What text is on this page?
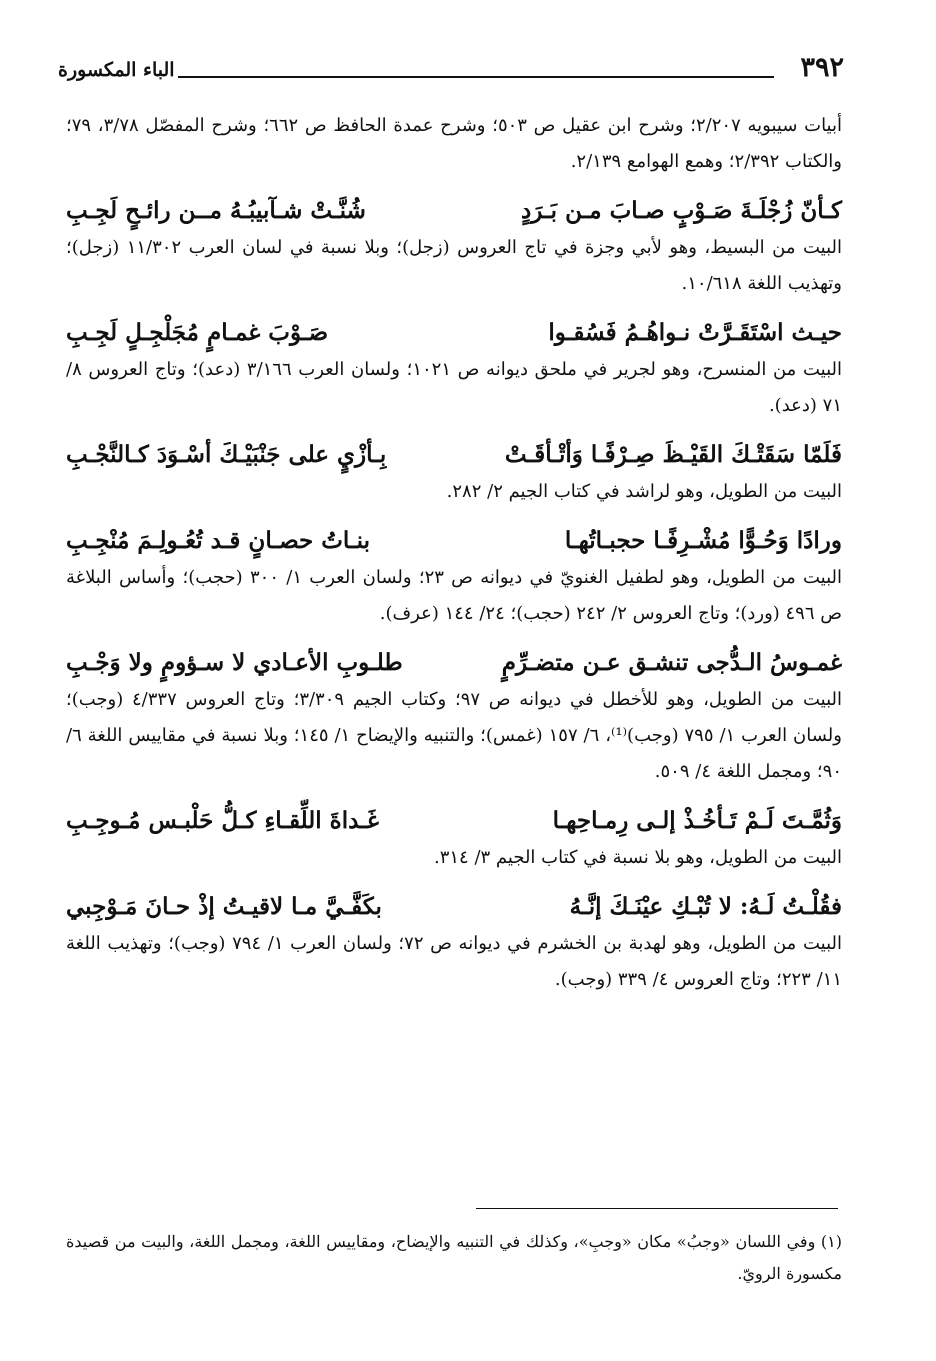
٣٩٢
الباء المكسورة

أبيات سيبويه ٢/٢٠٧؛ وشرح ابن عقيل ص ٥٠٣؛ وشرح عمدة الحافظ ص ٦٦٢؛ وشرح المفصّل ٣/٧٨، ٧٩؛ والكتاب ٢/٣٩٢؛ وهمع الهوامع ٢/١٣٩.

كـأنّ زُجْلَـةَ صَـوْبٍ صـابَ مـن بَـرَدٍ
شُنَّـتْ شـآبيبُـهُ مــن رائـحٍ لَجِـبِ

البيت من البسيط، وهو لأبي وجزة في تاج العروس (زجل)؛ وبلا نسبة في لسان العرب ١١/٣٠٢ (زجل)؛ وتهذيب اللغة ١٠/٦١٨.

حيـث اسْتَقَـرَّتْ نـواهُـمُ فَسُقـوا
صَـوْبَ غمـامٍ مُجَلْجِـلٍ لَجِـبِ

البيت من المنسرح، وهو لجرير في ملحق ديوانه ص ١٠٢١؛ ولسان العرب ٣/١٦٦ (دعد)؛ وتاج العروس ٨/ ٧١ (دعد).

فَلَمّا سَقَتْـكَ القَيْـظَ صِـرْفًـا وَأتْـأقَـتْ
بِـأزْيٍ على جَنْبَيْـكَ أسْـوَدَ كـالنَّجْـبِ

البيت من الطويل، وهو لراشد في كتاب الجيم ٢/ ٢٨٢.

ورادًا وَحُـوًّا مُشْـرِفًـا حجبـاتُهـا
بنـاتُ حصـانٍ قـد تُعُـولِـمَ مُنْجِـبِ

البيت من الطويل، وهو لطفيل الغنويّ في ديوانه ص ٢٣؛ ولسان العرب ١/ ٣٠٠ (حجب)؛ وأساس البلاغة ص ٤٩٦ (ورد)؛ وتاج العروس ٢/ ٢٤٢ (حجب)؛ ٢٤/ ١٤٤ (عرف).

غمـوسُ الـدُّجى تنشـق عـن متضـرِّمٍ
طلـوبِ الأعـادي لا سـؤومٍ ولا وَجْـبِ

البيت من الطويل، وهو للأخطل في ديوانه ص ٩٧؛ وكتاب الجيم ٣/٣٠٩؛ وتاج العروس ٤/٣٣٧ (وجب)؛ ولسان العرب ١/ ٧٩٥ (وجب)⁽¹⁾، ٦/ ١٥٧ (غمس)؛ والتنبيه والإيضاح ١/ ١٤٥؛ وبلا نسبة في مقاييس اللغة ٦/ ٩٠؛ ومجمل اللغة ٤/ ٥٠٩.

وَثُمَّـتَ لَـمْ تَـأخُـذْ إلـى رِمـاحِهـا
غَـداةَ اللِّقـاءِ كـلُّ حَلْبـس مُـوجِـبِ

البيت من الطويل، وهو بلا نسبة في كتاب الجيم ٣/ ٣١٤.

فقُلْـتُ لَـهُ: لا تُبْـكِ عيْنَـكَ إنَّـهُ
بكَفَّـيَّ مـا لاقيـتُ إذْ حـانَ مَـوْجِبي

البيت من الطويل، وهو لهدبة بن الخشرم في ديوانه ص ٧٢؛ ولسان العرب ١/ ٧٩٤ (وجب)؛ وتهذيب اللغة ١١/ ٢٢٣؛ وتاج العروس ٤/ ٣٣٩ (وجب).

(١) وفي اللسان «وجبُ» مكان «وجبِ»، وكذلك في التنبيه والإيضاح، ومقاييس اللغة، ومجمل اللغة، والبيت من قصيدة مكسورة الرويّ.
